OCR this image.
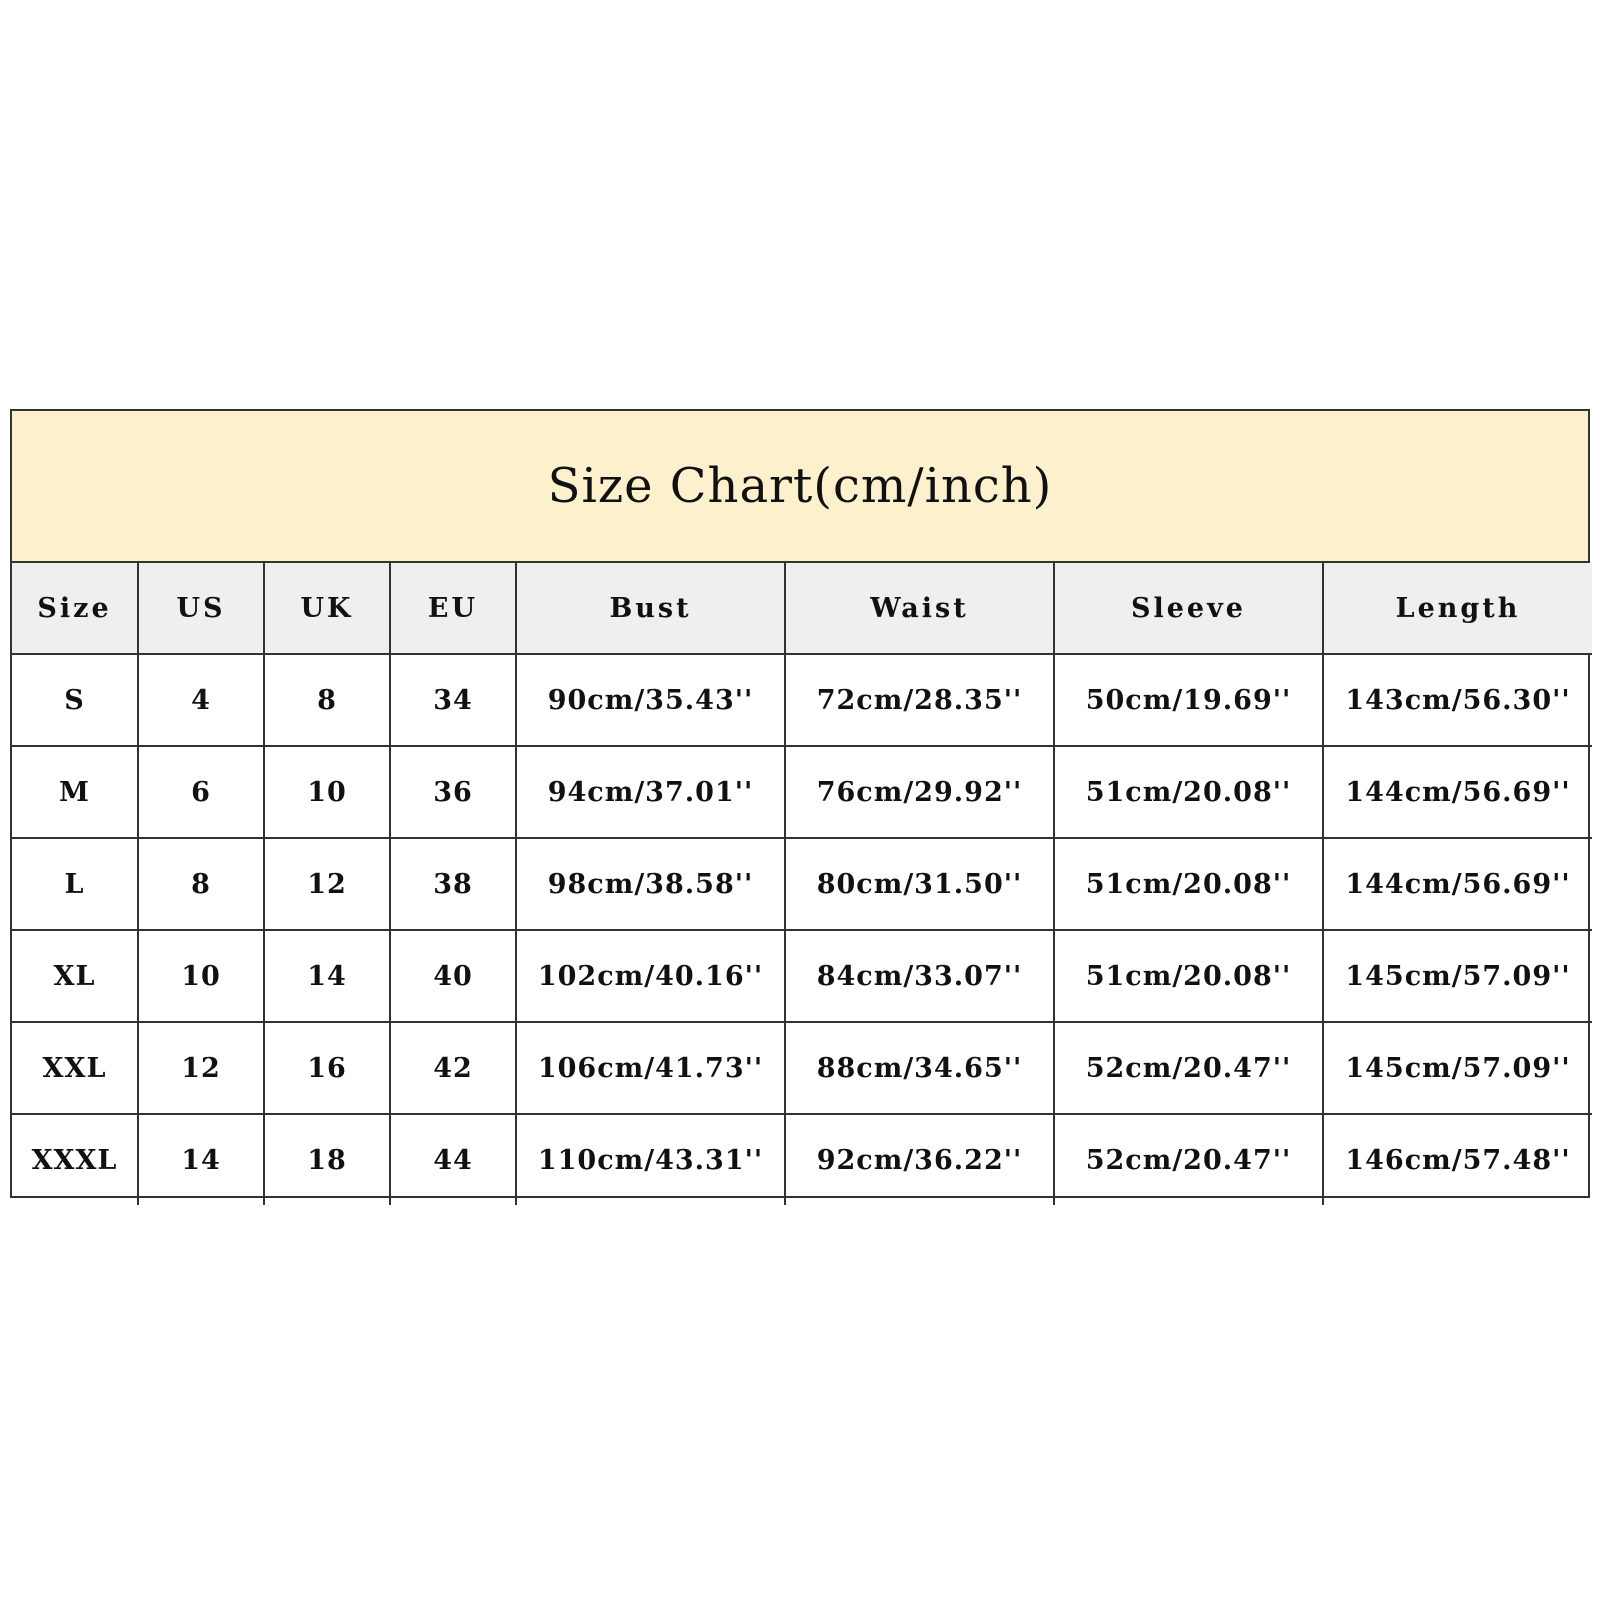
Size Chart(cm/inch)
Size	US	UK	EU	Bust	Waist	Sleeve	Length
S	4	8	34	90cm/35.43''	72cm/28.35''	50cm/19.69''	143cm/56.30''
M	6	10	36	94cm/37.01''	76cm/29.92''	51cm/20.08''	144cm/56.69''
L	8	12	38	98cm/38.58''	80cm/31.50''	51cm/20.08''	144cm/56.69''
XL	10	14	40	102cm/40.16''	84cm/33.07''	51cm/20.08''	145cm/57.09''
XXL	12	16	42	106cm/41.73''	88cm/34.65''	52cm/20.47''	145cm/57.09''
XXXL	14	18	44	110cm/43.31''	92cm/36.22''	52cm/20.47''	146cm/57.48''
